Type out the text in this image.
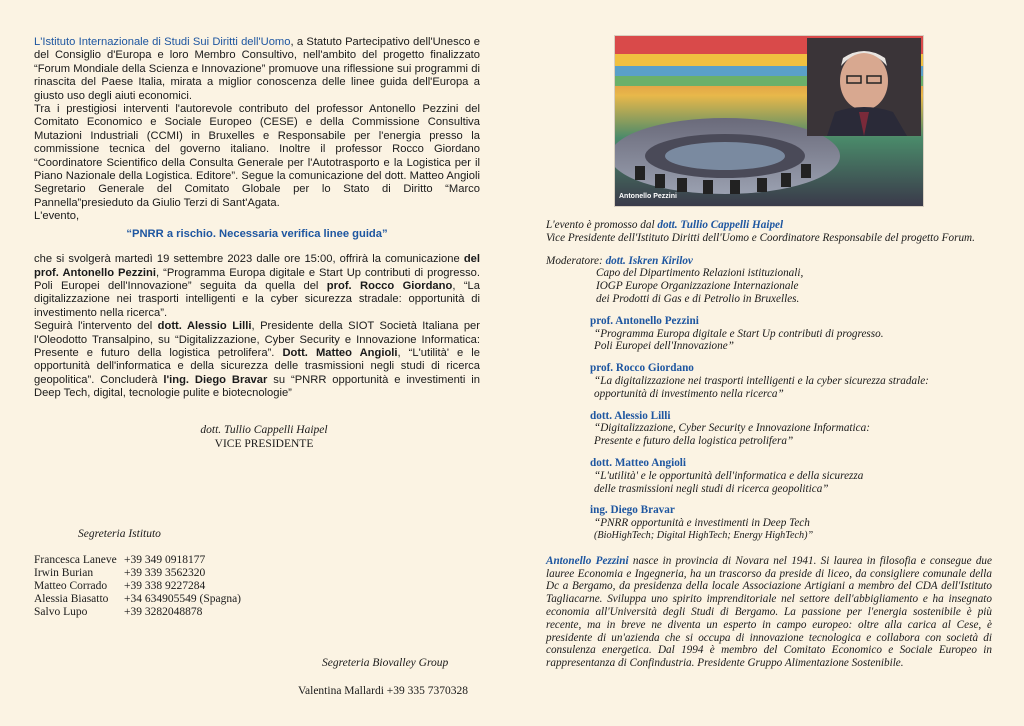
L'Istituto Internazionale di Studi Sui Diritti dell'Uomo, a Statuto Partecipativo dell'Unesco e del Consiglio d'Europa e loro Membro Consultivo, nell'ambito del progetto finalizzato “Forum Mondiale della Scienza e Innovazione” promuove una riflessione sui programmi di rinascita del Paese Italia, mirata a miglior conoscenza delle linee guida dell'Europa a giusto uso degli aiuti economici.

Tra i prestigiosi interventi l'autorevole contributo del professor Antonello Pezzini del Comitato Economico e Sociale Europeo (CESE) e della Commissione Consultiva Mutazioni Industriali (CCMI) in Bruxelles e Responsabile per l'energia presso la commissione tecnica del governo italiano. Inoltre il professor Rocco Giordano “Coordinatore Scientifico della Consulta Generale per l'Autotrasporto e la Logistica per il Piano Nazionale della Logistica. Editore”. Segue la comunicazione del dott. Matteo Angioli Segretario Generale del Comitato Globale per lo Stato di Diritto “Marco Pannella”presieduto da Giulio Terzi di Sant'Agata.

L'evento,

“PNRR a rischio. Necessaria verifica linee guida”

che si svolgerà martedì 19 settembre 2023 dalle ore 15:00, offrirà la comunicazione del prof. Antonello Pezzini, “Programma Europa digitale e Start Up contributi di progresso. Poli Europei dell'Innovazione” seguita da quella del prof. Rocco Giordano, “La digitalizzazione nei trasporti intelligenti e la cyber sicurezza stradale: opportunità di investimento nella ricerca”.

Seguirà l'intervento del dott. Alessio Lilli, Presidente della SIOT Società Italiana per l'Oleodotto Transalpino, su “Digitalizzazione, Cyber Security e Innovazione Informatica: Presente e futuro della logistica petrolifera”. Dott. Matteo Angioli, “L'utilità' e le opportunità dell'informatica e della sicurezza delle trasmissioni negli studi di ricerca geopolitica”. Concluderà l'ing. Diego Bravar su “PNRR opportunità e investimenti in Deep Tech, digital, tecnologie pulite e biotecnologie”

dott. Tullio Cappelli Haipel
VICE PRESIDENTE
Segreteria Istituto
Francesca Laneve +39 349 0918177
Irwin Burian	+39 339 3562320
Matteo Corrado	+39 338 9227284
Alessia Biasatto	+34 634905549 (Spagna)
Salvo Lupo	+39 3282048878
Segreteria Biovalley Group
Valentina Mallardi +39 335 7370328
Antonello Pezzini
L'evento è promosso dal dott. Tullio Cappelli Haipel
Vice Presidente dell'Istituto Diritti dell'Uomo e Coordinatore Responsabile del progetto Forum.
Moderatore: dott. Iskren Kirilov
Capo del Dipartimento Relazioni istituzionali,
IOGP Europe Organizzazione Internazionale
dei Prodotti di Gas e di Petrolio in Bruxelles.
prof. Antonello Pezzini
“Programma Europa digitale e Start Up contributi di progresso.
Poli Europei dell'Innovazione”
prof. Rocco Giordano
“La digitalizzazione nei trasporti intelligenti e la cyber sicurezza stradale:
opportunità di investimento nella ricerca”
dott. Alessio Lilli
“Digitalizzazione, Cyber Security e Innovazione Informatica:
Presente e futuro della logistica petrolifera”
dott. Matteo Angioli
“L'utilità' e le opportunità dell'informatica e della sicurezza
delle trasmissioni negli studi di ricerca geopolitica”
ing. Diego Bravar
“PNRR opportunità e investimenti in Deep Tech
(BioHighTech; Digital HighTech; Energy HighTech)”
Antonello Pezzini nasce in provincia di Novara nel 1941. Si laurea in filosofia e consegue due lauree Economia e Ingegneria, ha un trascorso da preside di liceo, da consigliere comunale della Dc a Bergamo, da presidenza della locale Associazione Artigiani a membro del CDA dell'Istituto Tagliacarne. Sviluppa uno spirito imprenditoriale nel settore dell'abbigliamento e ha insegnato economia all'Università degli Studi di Bergamo. La passione per l'energia sostenibile è più recente, ma in breve ne diventa un esperto in campo europeo: oltre alla carica al Cese, è presidente di un'azienda che si occupa di innovazione tecnologica e collabora con società di consulenza energetica. Dal 1994 è membro del Comitato Economico e Sociale Europeo in rappresentanza di Confindustria. Presidente Gruppo Alimentazione Sostenibile.
